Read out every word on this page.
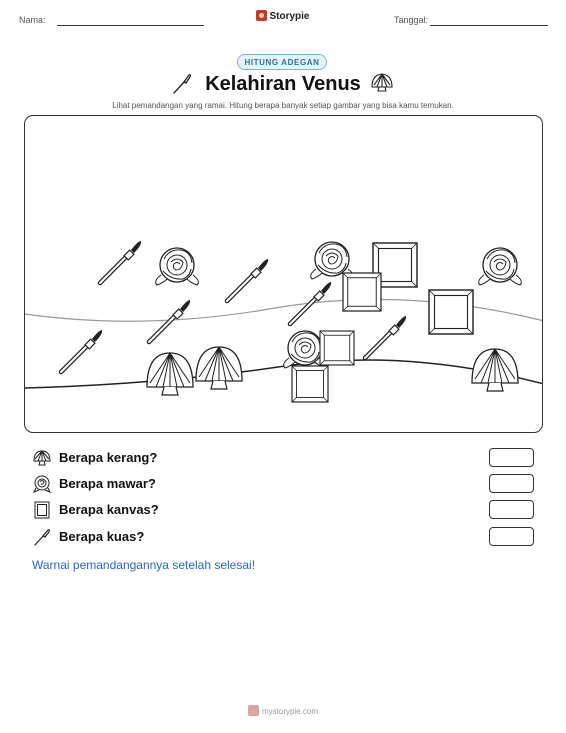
Nama:	Storypie	Tanggal:
HITUNG ADEGAN
Kelahiran Venus
Lihat pemandangan yang ramai. Hitung berapa banyak setiap gambar yang bisa kamu temukan.
Berapa kerang?
Berapa mawar?
Berapa kanvas?
Berapa kuas?
Warnai pemandangannya setelah selesai!
mystorypie.com
